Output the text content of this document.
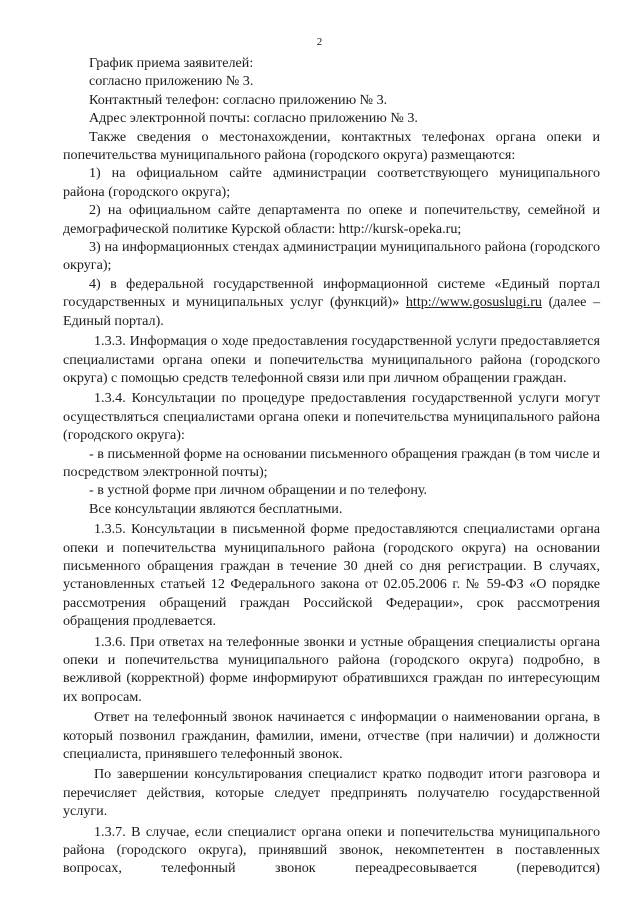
2

График приема заявителей:

согласно приложению № 3.

Контактный телефон: согласно приложению № 3.

Адрес электронной почты: согласно приложению № 3.

Также сведения о местонахождении, контактных телефонах органа опеки и попечительства муниципального района (городского округа) размещаются:

1) на официальном сайте администрации соответствующего муниципального района (городского округа);

2) на официальном сайте департамента по опеке и попечительству, семейной и демографической политике Курской области: http://kursk-opeka.ru;

3) на информационных стендах администрации муниципального района (городского округа);

4) в федеральной государственной информационной системе «Единый портал государственных и муниципальных услуг (функций)» http://www.gosuslugi.ru (далее – Единый портал).

1.3.3. Информация о ходе предоставления государственной услуги предоставляется специалистами органа опеки и попечительства муниципального района (городского округа) с помощью средств телефонной связи или при личном обращении граждан.

1.3.4. Консультации по процедуре предоставления государственной услуги могут осуществляться специалистами органа опеки и попечительства муниципального района (городского округа):

- в письменной форме на основании письменного обращения граждан (в том числе и посредством электронной почты);

- в устной форме при личном обращении и по телефону.

Все консультации являются бесплатными.

1.3.5. Консультации в письменной форме предоставляются специалистами органа опеки и попечительства муниципального района (городского округа) на основании письменного обращения граждан в течение 30 дней со дня регистрации. В случаях, установленных статьей 12 Федерального закона от 02.05.2006 г. № 59-ФЗ «О порядке рассмотрения обращений граждан Российской Федерации», срок рассмотрения обращения продлевается.

1.3.6. При ответах на телефонные звонки и устные обращения специалисты органа опеки и попечительства муниципального района (городского округа) подробно, в вежливой (корректной) форме информируют обратившихся граждан по интересующим их вопросам.

Ответ на телефонный звонок начинается с информации о наименовании органа, в который позвонил гражданин, фамилии, имени, отчестве (при наличии) и должности специалиста, принявшего телефонный звонок.

По завершении консультирования специалист кратко подводит итоги разговора и перечисляет действия, которые следует предпринять получателю государственной услуги.

1.3.7. В случае, если специалист органа опеки и попечительства муниципального района (городского округа), принявший звонок, некомпетентен в поставленных вопросах, телефонный звонок переадресовывается (переводится)
